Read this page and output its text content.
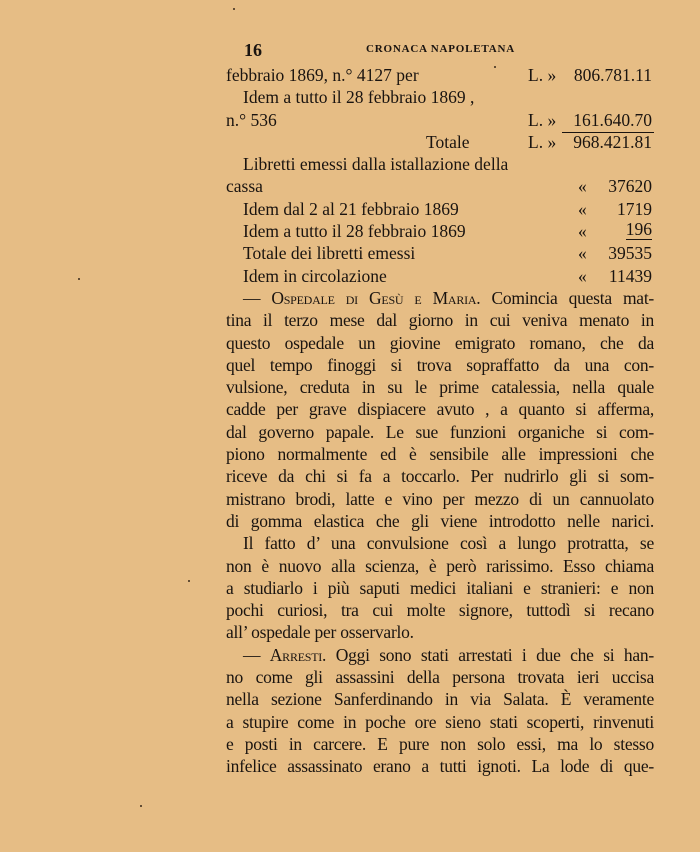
16	CRONACA NAPOLETANA
febbraio 1869, n.° 4127 per	L. » 806.781.11
Idem a tutto il 28 febbraio 1869 ,
n.° 536	L. » 161.640.70
Totale	L. » 968.421.81
Libretti emessi dalla istallazione della
cassa	« 37620
Idem dal 2 al 21 febbraio 1869	« 1719
Idem a tutto il 28 febbraio 1869	« 196
Totale dei libretti emessi	« 39535
Idem in circolazione	« 11439
— Ospedale di Gesù e Maria. Comincia questa mat-
tina il terzo mese dal giorno in cui veniva menato in
questo ospedale un giovine emigrato romano, che da
quel tempo finoggi si trova sopraffatto da una con-
vulsione, creduta in su le prime catalessia, nella quale
cadde per grave dispiacere avuto , a quanto si afferma,
dal governo papale. Le sue funzioni organiche si com-
piono normalmente ed è sensibile alle impressioni che
riceve da chi si fa a toccarlo. Per nudrirlo gli si som-
mistrano brodi, latte e vino per mezzo di un cannuolato
di gomma elastica che gli viene introdotto nelle narici.
Il fatto d’ una convulsione così a lungo protratta, se
non è nuovo alla scienza, è però rarissimo. Esso chiama
a studiarlo i più saputi medici italiani e stranieri: e non
pochi curiosi, tra cui molte signore, tuttodì si recano
all’ ospedale per osservarlo.
— Arresti. Oggi sono stati arrestati i due che si han-
no come gli assassini della persona trovata ieri uccisa
nella sezione Sanferdinando in via Salata. È veramente
a stupire come in poche ore sieno stati scoperti, rinvenuti
e posti in carcere. E pure non solo essi, ma lo stesso
infelice assassinato erano a tutti ignoti. La lode di que-
